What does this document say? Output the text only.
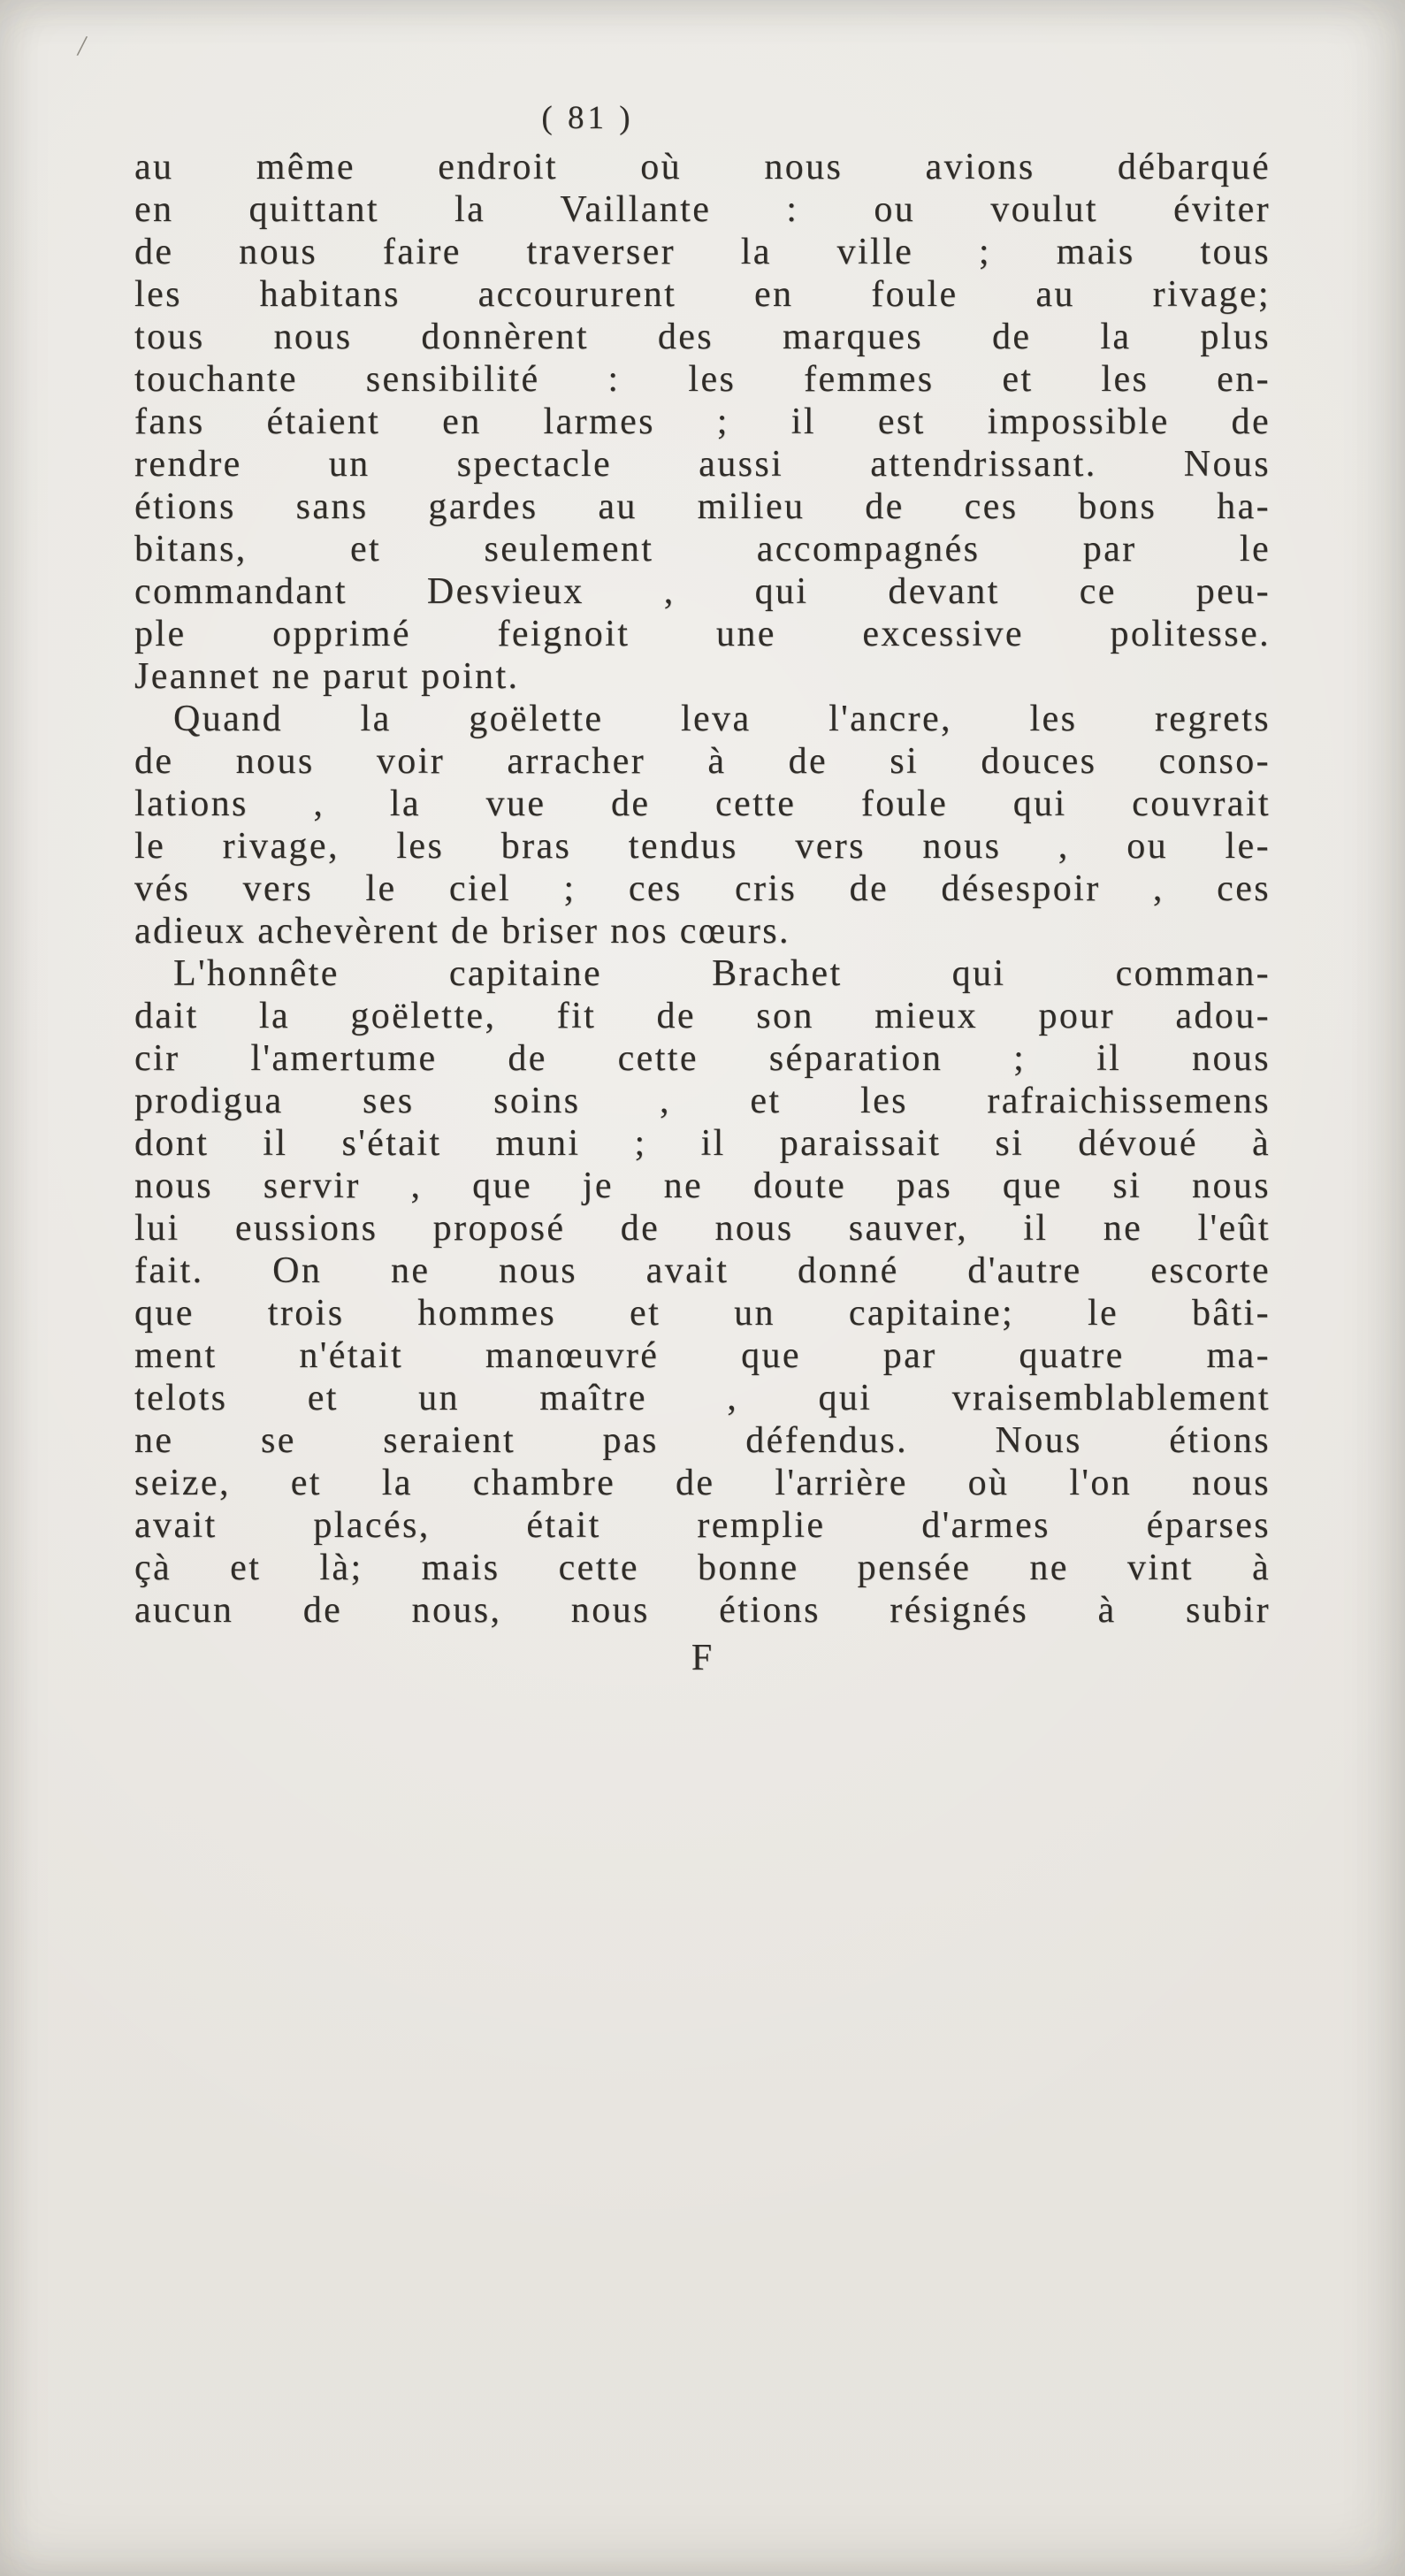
/
( 81 )

au même endroit où nous avions débarqué
en quittant la Vaillante : ou voulut éviter
de nous faire traverser la ville ; mais tous
les habitans accoururent en foule au rivage;
tous nous donnèrent des marques de la plus
touchante sensibilité : les femmes et les en-
fans étaient en larmes ; il est impossible de
rendre un spectacle aussi attendrissant. Nous
étions sans gardes au milieu de ces bons ha-
bitans, et seulement accompagnés par le
commandant Desvieux , qui devant ce peu-
ple opprimé feignoit une excessive politesse.
Jeannet ne parut point.

Quand la goëlette leva l'ancre, les regrets
de nous voir arracher à de si douces conso-
lations , la vue de cette foule qui couvrait
le rivage, les bras tendus vers nous , ou le-
vés vers le ciel ; ces cris de désespoir , ces
adieux achevèrent de briser nos cœurs.

L'honnête capitaine Brachet qui comman-
dait la goëlette, fit de son mieux pour adou-
cir l'amertume de cette séparation ; il nous
prodigua ses soins , et les rafraichissemens
dont il s'était muni ; il paraissait si dévoué à
nous servir , que je ne doute pas que si nous
lui eussions proposé de nous sauver, il ne l'eût
fait. On ne nous avait donné d'autre escorte
que trois hommes et un capitaine; le bâti-
ment n'était manœuvré que par quatre ma-
telots et un maître , qui vraisemblablement
ne se seraient pas défendus. Nous étions
seize, et la chambre de l'arrière où l'on nous
avait placés, était remplie d'armes éparses
çà et là; mais cette bonne pensée ne vint à
aucun de nous, nous étions résignés à subir

F
